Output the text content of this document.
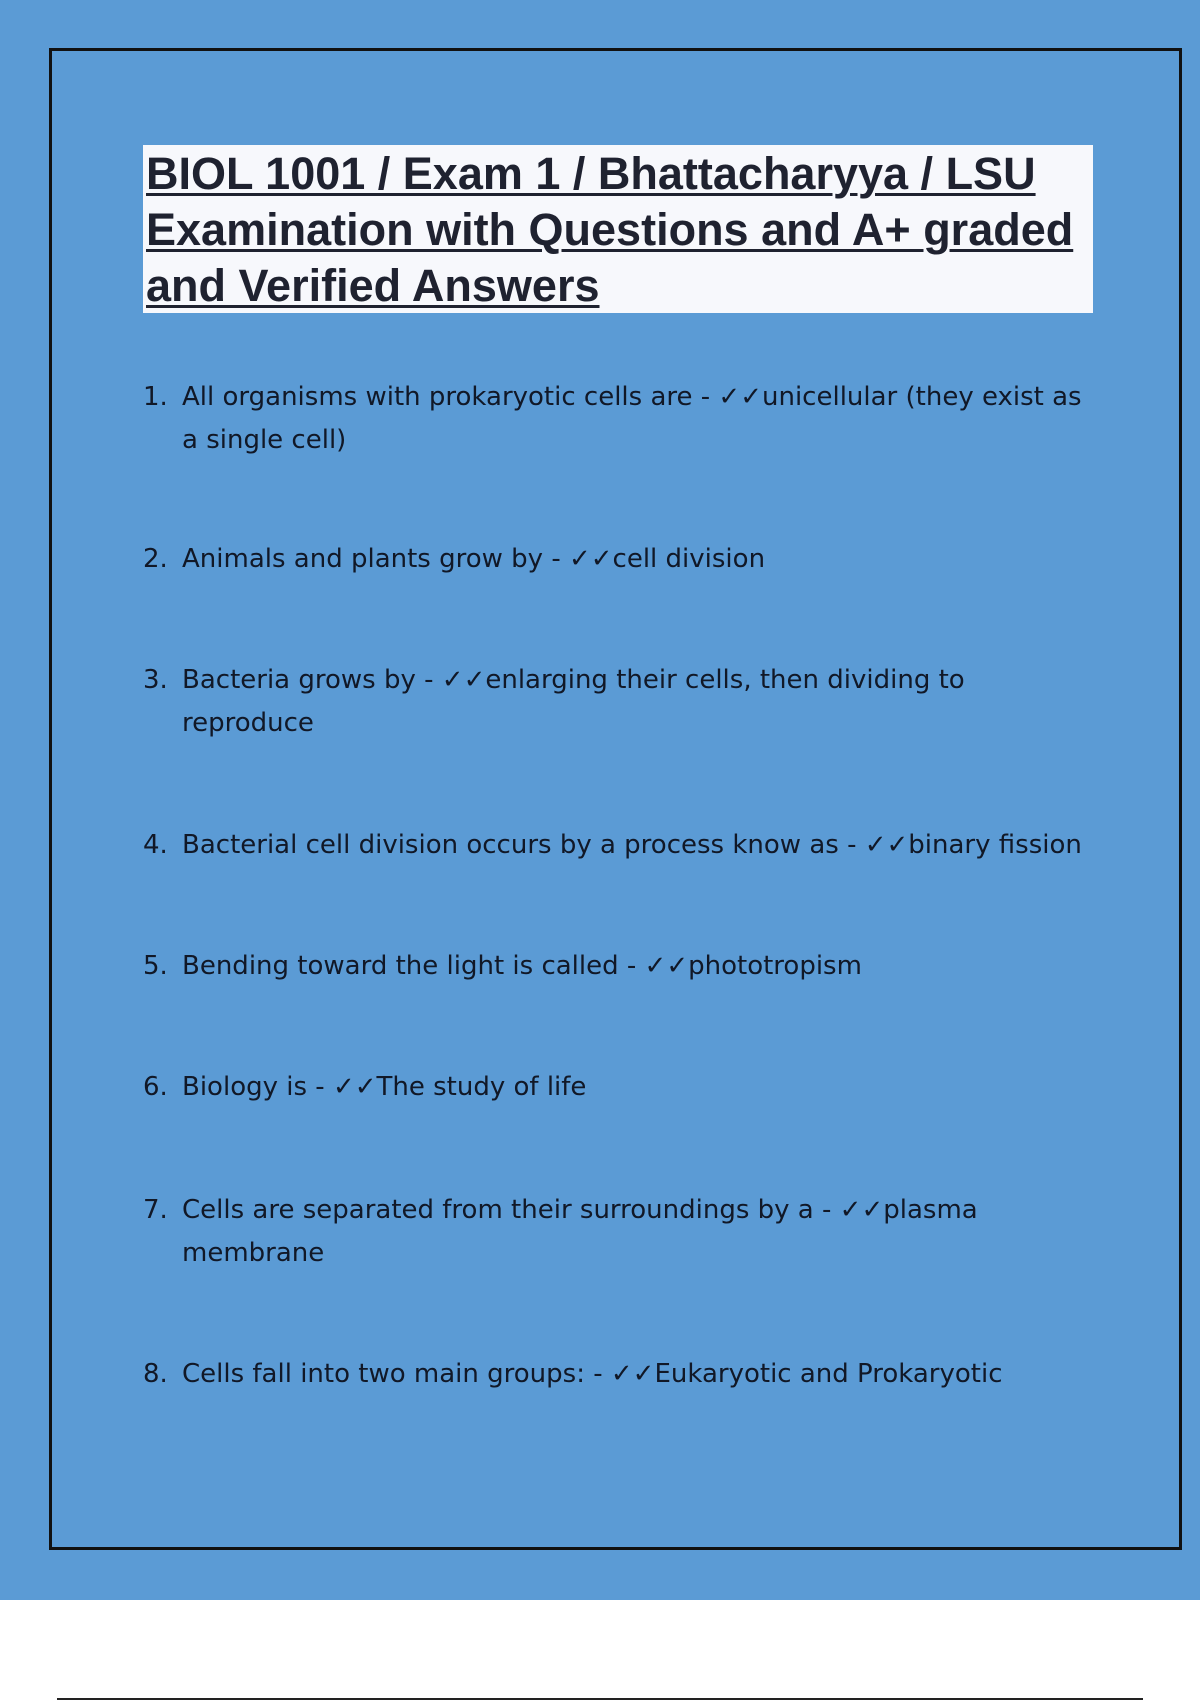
BIOL 1001 / Exam 1 / Bhattacharyya / LSU Examination with Questions and A+ graded and Verified Answers
1. All organisms with prokaryotic cells are - ✓✓unicellular (they exist as a single cell)
2. Animals and plants grow by - ✓✓cell division
3. Bacteria grows by - ✓✓enlarging their cells, then dividing to reproduce
4. Bacterial cell division occurs by a process know as - ✓✓binary fission
5. Bending toward the light is called - ✓✓phototropism
6. Biology is - ✓✓The study of life
7. Cells are separated from their surroundings by a - ✓✓plasma membrane
8. Cells fall into two main groups: - ✓✓Eukaryotic and Prokaryotic
